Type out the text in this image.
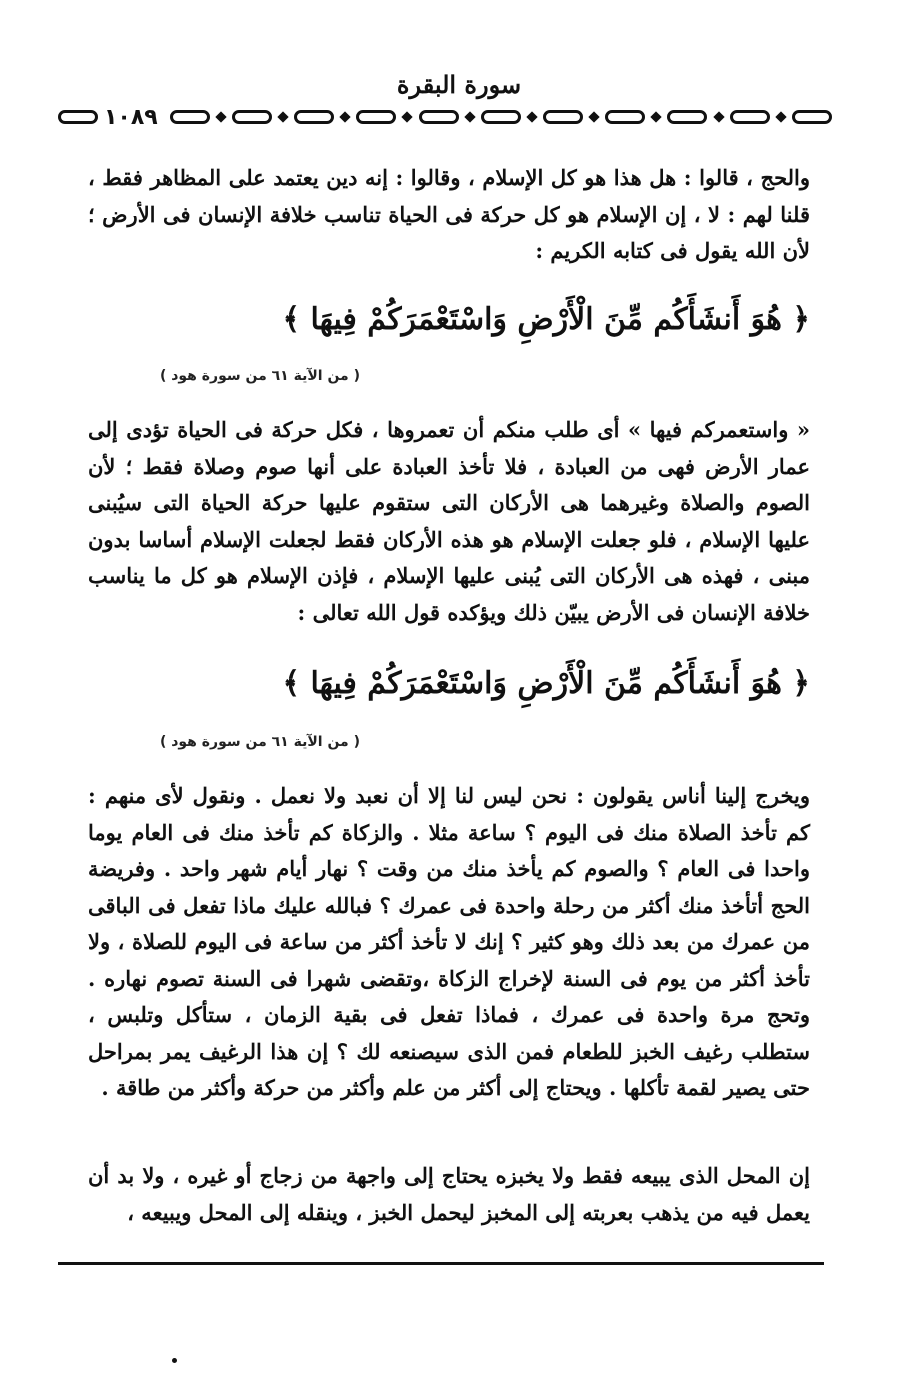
سورة البقرة
١٠٨٩

والحج ، قالوا : هل هذا هو كل الإسلام ، وقالوا : إنه دين يعتمد على المظاهر فقط ، قلنا لهم : لا ، إن الإسلام هو كل حركة فى الحياة تناسب خلافة الإنسان فى الأرض ؛ لأن الله يقول فى كتابه الكريم :

﴿ هُوَ أَنشَأَكُم مِّنَ الْأَرْضِ وَاسْتَعْمَرَكُمْ فِيهَا ﴾
( من الآية ٦١ من سورة هود )

« واستعمركم فيها » أى طلب منكم أن تعمروها ، فكل حركة فى الحياة تؤدى إلى عمار الأرض فهى من العبادة ، فلا تأخذ العبادة على أنها صوم وصلاة فقط ؛ لأن الصوم والصلاة وغيرهما هى الأركان التى ستقوم عليها حركة الحياة التى سيُبنى عليها الإسلام ، فلو جعلت الإسلام هو هذه الأركان فقط لجعلت الإسلام أساسا بدون مبنى ، فهذه هى الأركان التى يُبنى عليها الإسلام ، فإذن الإسلام هو كل ما يناسب خلافة الإنسان فى الأرض يبيّن ذلك ويؤكده قول الله تعالى :

﴿ هُوَ أَنشَأَكُم مِّنَ الْأَرْضِ وَاسْتَعْمَرَكُمْ فِيهَا ﴾
( من الآية ٦١ من سورة هود )

ويخرج إلينا أناس يقولون : نحن ليس لنا إلا أن نعبد ولا نعمل . ونقول لأى منهم : كم تأخذ الصلاة منك فى اليوم ؟ ساعة مثلا . والزكاة كم تأخذ منك فى العام يوما واحدا فى العام ؟ والصوم كم يأخذ منك من وقت ؟ نهار أيام شهر واحد . وفريضة الحج أتأخذ منك أكثر من رحلة واحدة فى عمرك ؟ فبالله عليك ماذا تفعل فى الباقى من عمرك من بعد ذلك وهو كثير ؟ إنك لا تأخذ أكثر من ساعة فى اليوم للصلاة ، ولا تأخذ أكثر من يوم فى السنة لإخراج الزكاة ،وتقضى شهرا فى السنة تصوم نهاره . وتحج مرة واحدة فى عمرك ، فماذا تفعل فى بقية الزمان ، ستأكل وتلبس ، ستطلب رغيف الخبز للطعام فمن الذى سيصنعه لك ؟ إن هذا الرغيف يمر بمراحل حتى يصير لقمة تأكلها . ويحتاج إلى أكثر من علم وأكثر من حركة وأكثر من طاقة .

إن المحل الذى يبيعه فقط ولا يخبزه يحتاج إلى واجهة من زجاج أو غيره ، ولا بد أن يعمل فيه من يذهب بعربته إلى المخبز ليحمل الخبز ، وينقله إلى المحل ويبيعه ،
